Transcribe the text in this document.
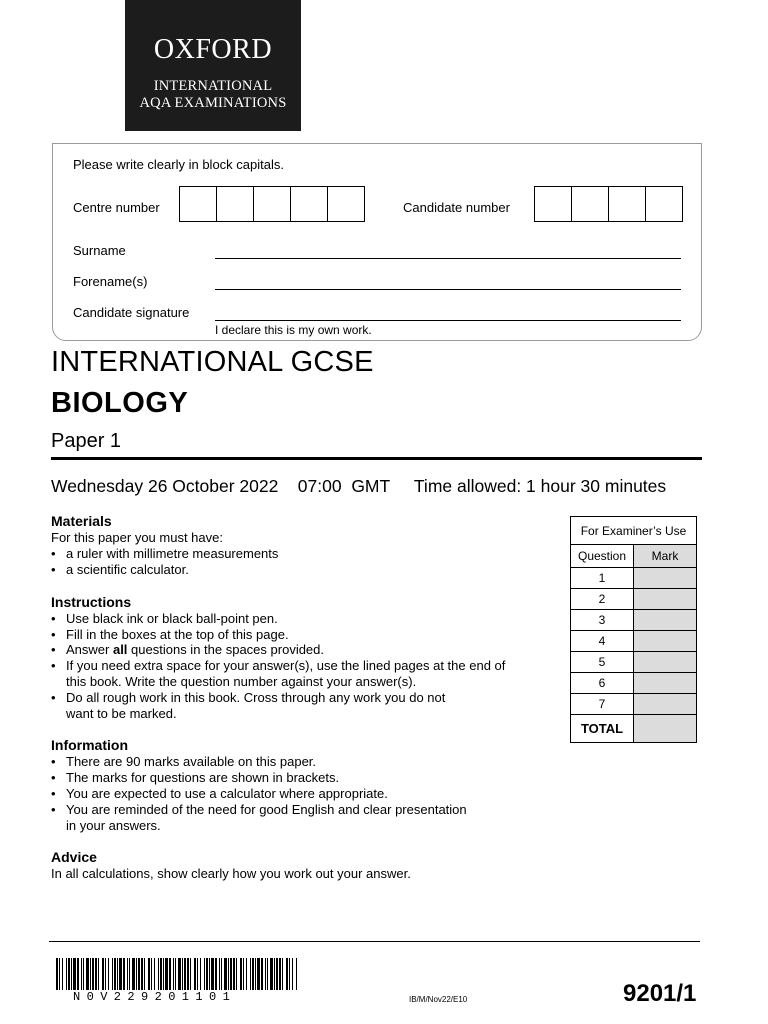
OXFORD
INTERNATIONAL
AQA EXAMINATIONS
Please write clearly in block capitals.
Centre number	Candidate number
Surname
Forename(s)
Candidate signature
I declare this is my own work.
INTERNATIONAL GCSE
BIOLOGY
Paper 1
Wednesday 26 October 2022 07:00  GMT Time allowed: 1 hour 30 minutes
Materials
For this paper you must have:
• a ruler with millimetre measurements
• a scientific calculator.
Instructions
• Use black ink or black ball-point pen.
• Fill in the boxes at the top of this page.
• Answer all questions in the spaces provided.
• If you need extra space for your answer(s), use the lined pages at the end of
this book. Write the question number against your answer(s).
• Do all rough work in this book. Cross through any work you do not
want to be marked.
Information
• There are 90 marks available on this paper.
• The marks for questions are shown in brackets.
• You are expected to use a calculator where appropriate.
• You are reminded of the need for good English and clear presentation
in your answers.
Advice
In all calculations, show clearly how you work out your answer.
For Examiner’s Use	
Question	Mark
1	
2	
3	
4	
5	
6	
7	
TOTAL	
N0V229201101	IB/M/Nov22/E10	9201/1
